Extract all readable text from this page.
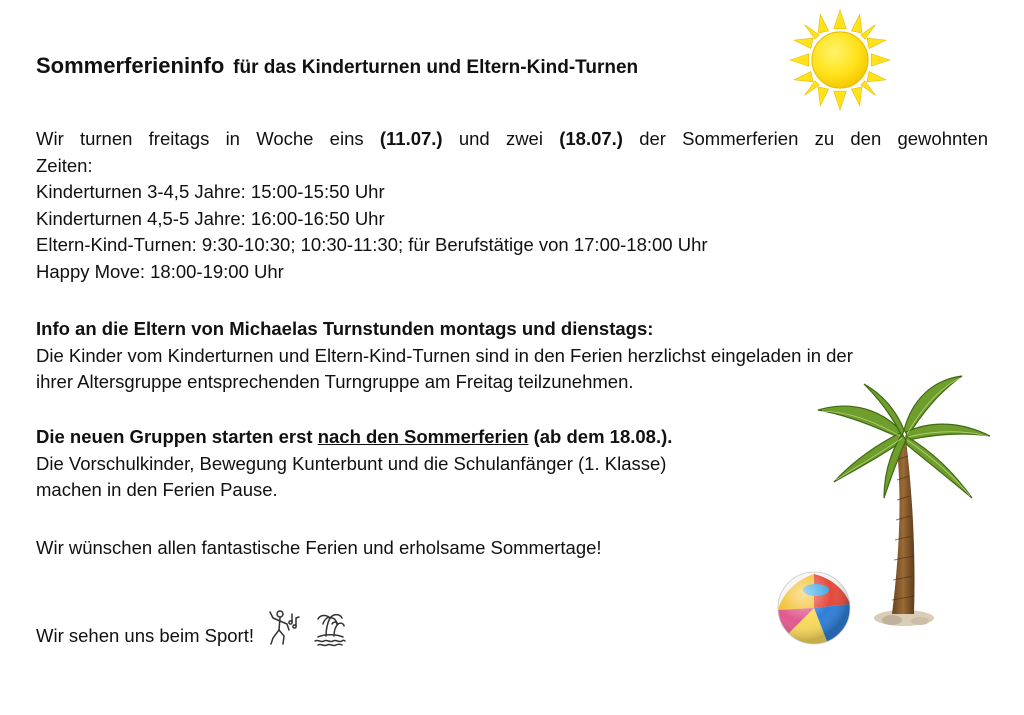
Sommerferieninfo für das Kinderturnen und Eltern-Kind-Turnen

Wir turnen freitags in Woche eins (11.07.) und zwei (18.07.) der Sommerferien zu den gewohnten

Zeiten:

Kinderturnen 3-4,5 Jahre: 15:00-15:50 Uhr

Kinderturnen 4,5-5 Jahre: 16:00-16:50 Uhr

Eltern-Kind-Turnen: 9:30-10:30; 10:30-11:30; für Berufstätige von 17:00-18:00 Uhr

Happy Move: 18:00-19:00 Uhr

Info an die Eltern von Michaelas Turnstunden montags und dienstags:

Die Kinder vom Kinderturnen und Eltern-Kind-Turnen sind in den Ferien herzlichst eingeladen in der

ihrer Altersgruppe entsprechenden Turngruppe am Freitag teilzunehmen.

Die neuen Gruppen starten erst nach den Sommerferien (ab dem 18.08.).

Die Vorschulkinder, Bewegung Kunterbunt und die Schulanfänger (1. Klasse)

machen in den Ferien Pause.

Wir wünschen allen fantastische Ferien und erholsame Sommertage!

Wir sehen uns beim Sport!
